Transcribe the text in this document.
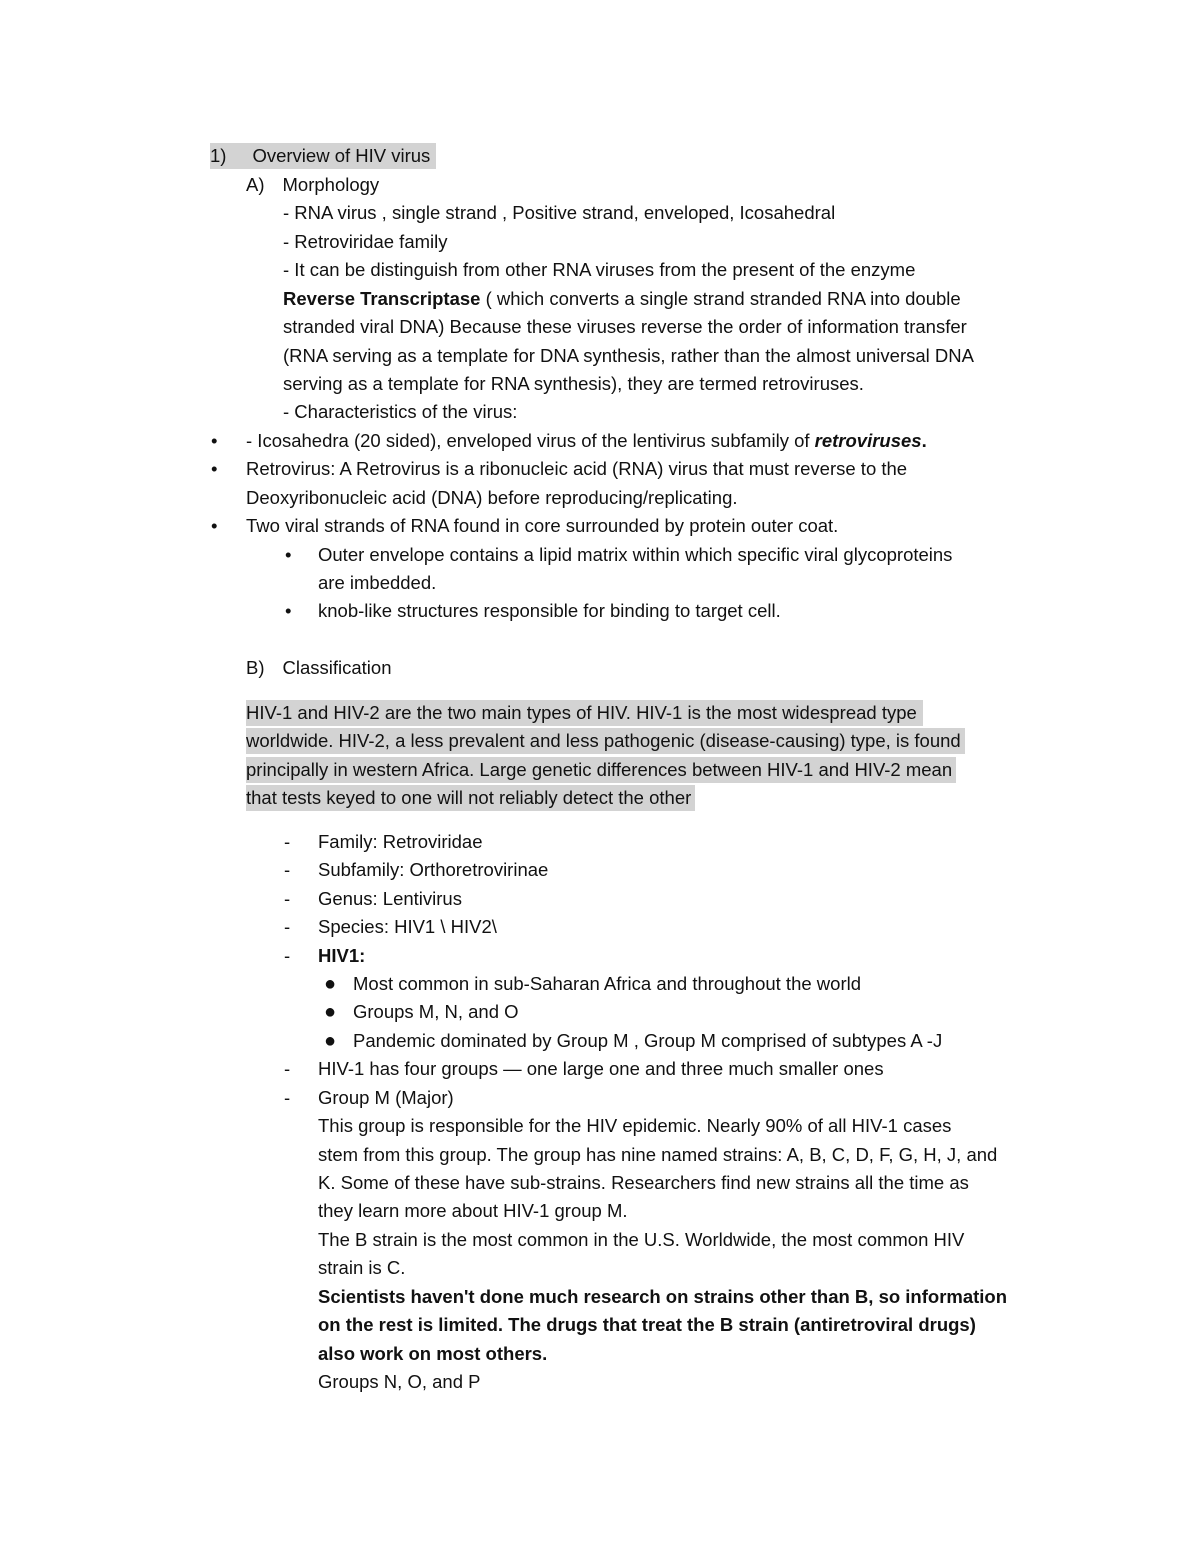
1) Overview of HIV virus
A) Morphology
- RNA virus , single strand , Positive strand, enveloped, Icosahedral
- Retroviridae family
- It can be distinguish from other RNA viruses from the present of the enzyme
Reverse Transcriptase ( which converts a single strand stranded RNA into double
stranded viral DNA) Because these viruses reverse the order of information transfer
(RNA serving as a template for DNA synthesis, rather than the almost universal DNA
serving as a template for RNA synthesis), they are termed retroviruses.
- Characteristics of the virus:
• - Icosahedra (20 sided), enveloped virus of the lentivirus subfamily of retroviruses.
• Retrovirus: A Retrovirus is a ribonucleic acid (RNA) virus that must reverse to the
Deoxyribonucleic acid (DNA) before reproducing/replicating.
• Two viral strands of RNA found in core surrounded by protein outer coat.
• Outer envelope contains a lipid matrix within which specific viral glycoproteins
are imbedded.
• knob-like structures responsible for binding to target cell.
B) Classification
HIV-1 and HIV-2 are the two main types of HIV. HIV-1 is the most widespread type
worldwide. HIV-2, a less prevalent and less pathogenic (disease-causing) type, is found
principally in western Africa. Large genetic differences between HIV-1 and HIV-2 mean
that tests keyed to one will not reliably detect the other
- Family: Retroviridae
- Subfamily: Orthoretrovirinae
- Genus: Lentivirus
- Species: HIV1 \ HIV2\
- HIV1:
● Most common in sub-Saharan Africa and throughout the world
● Groups M, N, and O
● Pandemic dominated by Group M , Group M comprised of subtypes A -J
- HIV-1 has four groups — one large one and three much smaller ones
- Group M (Major)
This group is responsible for the HIV epidemic. Nearly 90% of all HIV-1 cases
stem from this group. The group has nine named strains: A, B, C, D, F, G, H, J, and
K. Some of these have sub-strains. Researchers find new strains all the time as
they learn more about HIV-1 group M.
The B strain is the most common in the U.S. Worldwide, the most common HIV
strain is C.
Scientists haven't done much research on strains other than B, so information
on the rest is limited. The drugs that treat the B strain (antiretroviral drugs)
also work on most others.
Groups N, O, and P
